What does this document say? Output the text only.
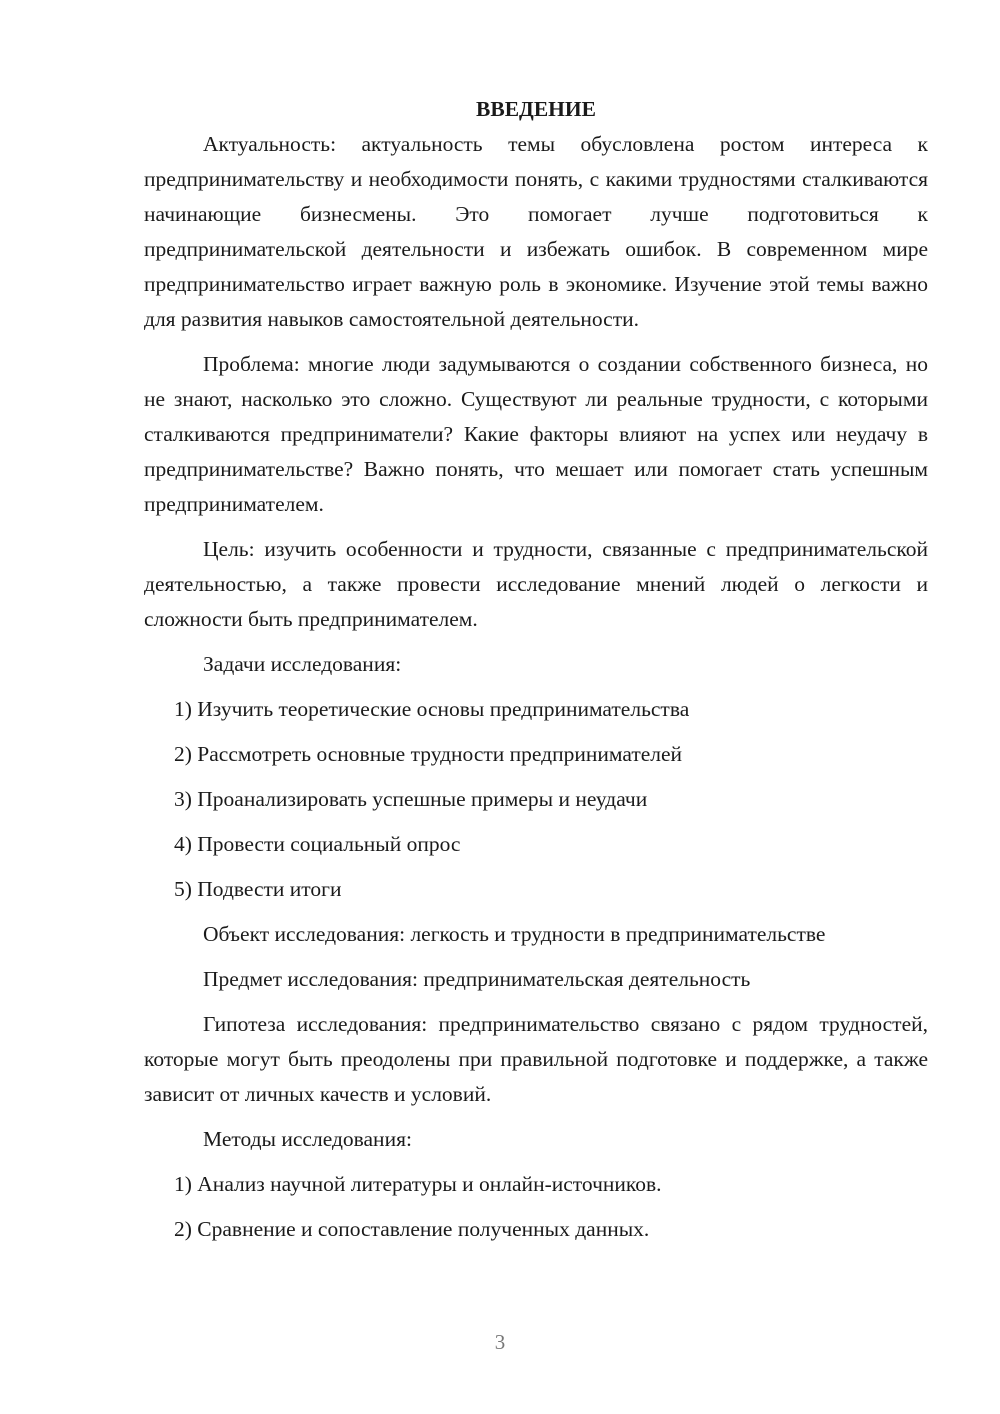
ВВЕДЕНИЕ
Актуальность: актуальность темы обусловлена ростом интереса к предпринимательству и необходимости понять, с какими трудностями сталкиваются начинающие бизнесмены. Это помогает лучше подготовиться к предпринимательской деятельности и избежать ошибок. В современном мире предпринимательство играет важную роль в экономике. Изучение этой темы важно для развития навыков самостоятельной деятельности.
Проблема: многие люди задумываются о создании собственного бизнеса, но не знают, насколько это сложно. Существуют ли реальные трудности, с которыми сталкиваются предприниматели? Какие факторы влияют на успех или неудачу в предпринимательстве? Важно понять, что мешает или помогает стать успешным предпринимателем.
Цель: изучить особенности и трудности, связанные с предпринимательской деятельностью, а также провести исследование мнений людей о легкости и сложности быть предпринимателем.
Задачи исследования:
1) Изучить теоретические основы предпринимательства
2) Рассмотреть основные трудности предпринимателей
3) Проанализировать успешные примеры и неудачи
4) Провести социальный опрос
5) Подвести итоги
Объект исследования: легкость и трудности в предпринимательстве
Предмет исследования: предпринимательская деятельность
Гипотеза исследования: предпринимательство связано с рядом трудностей, которые могут быть преодолены при правильной подготовке и поддержке, а также зависит от личных качеств и условий.
Методы исследования:
1) Анализ научной литературы и онлайн-источников.
2) Сравнение и сопоставление полученных данных.
3
